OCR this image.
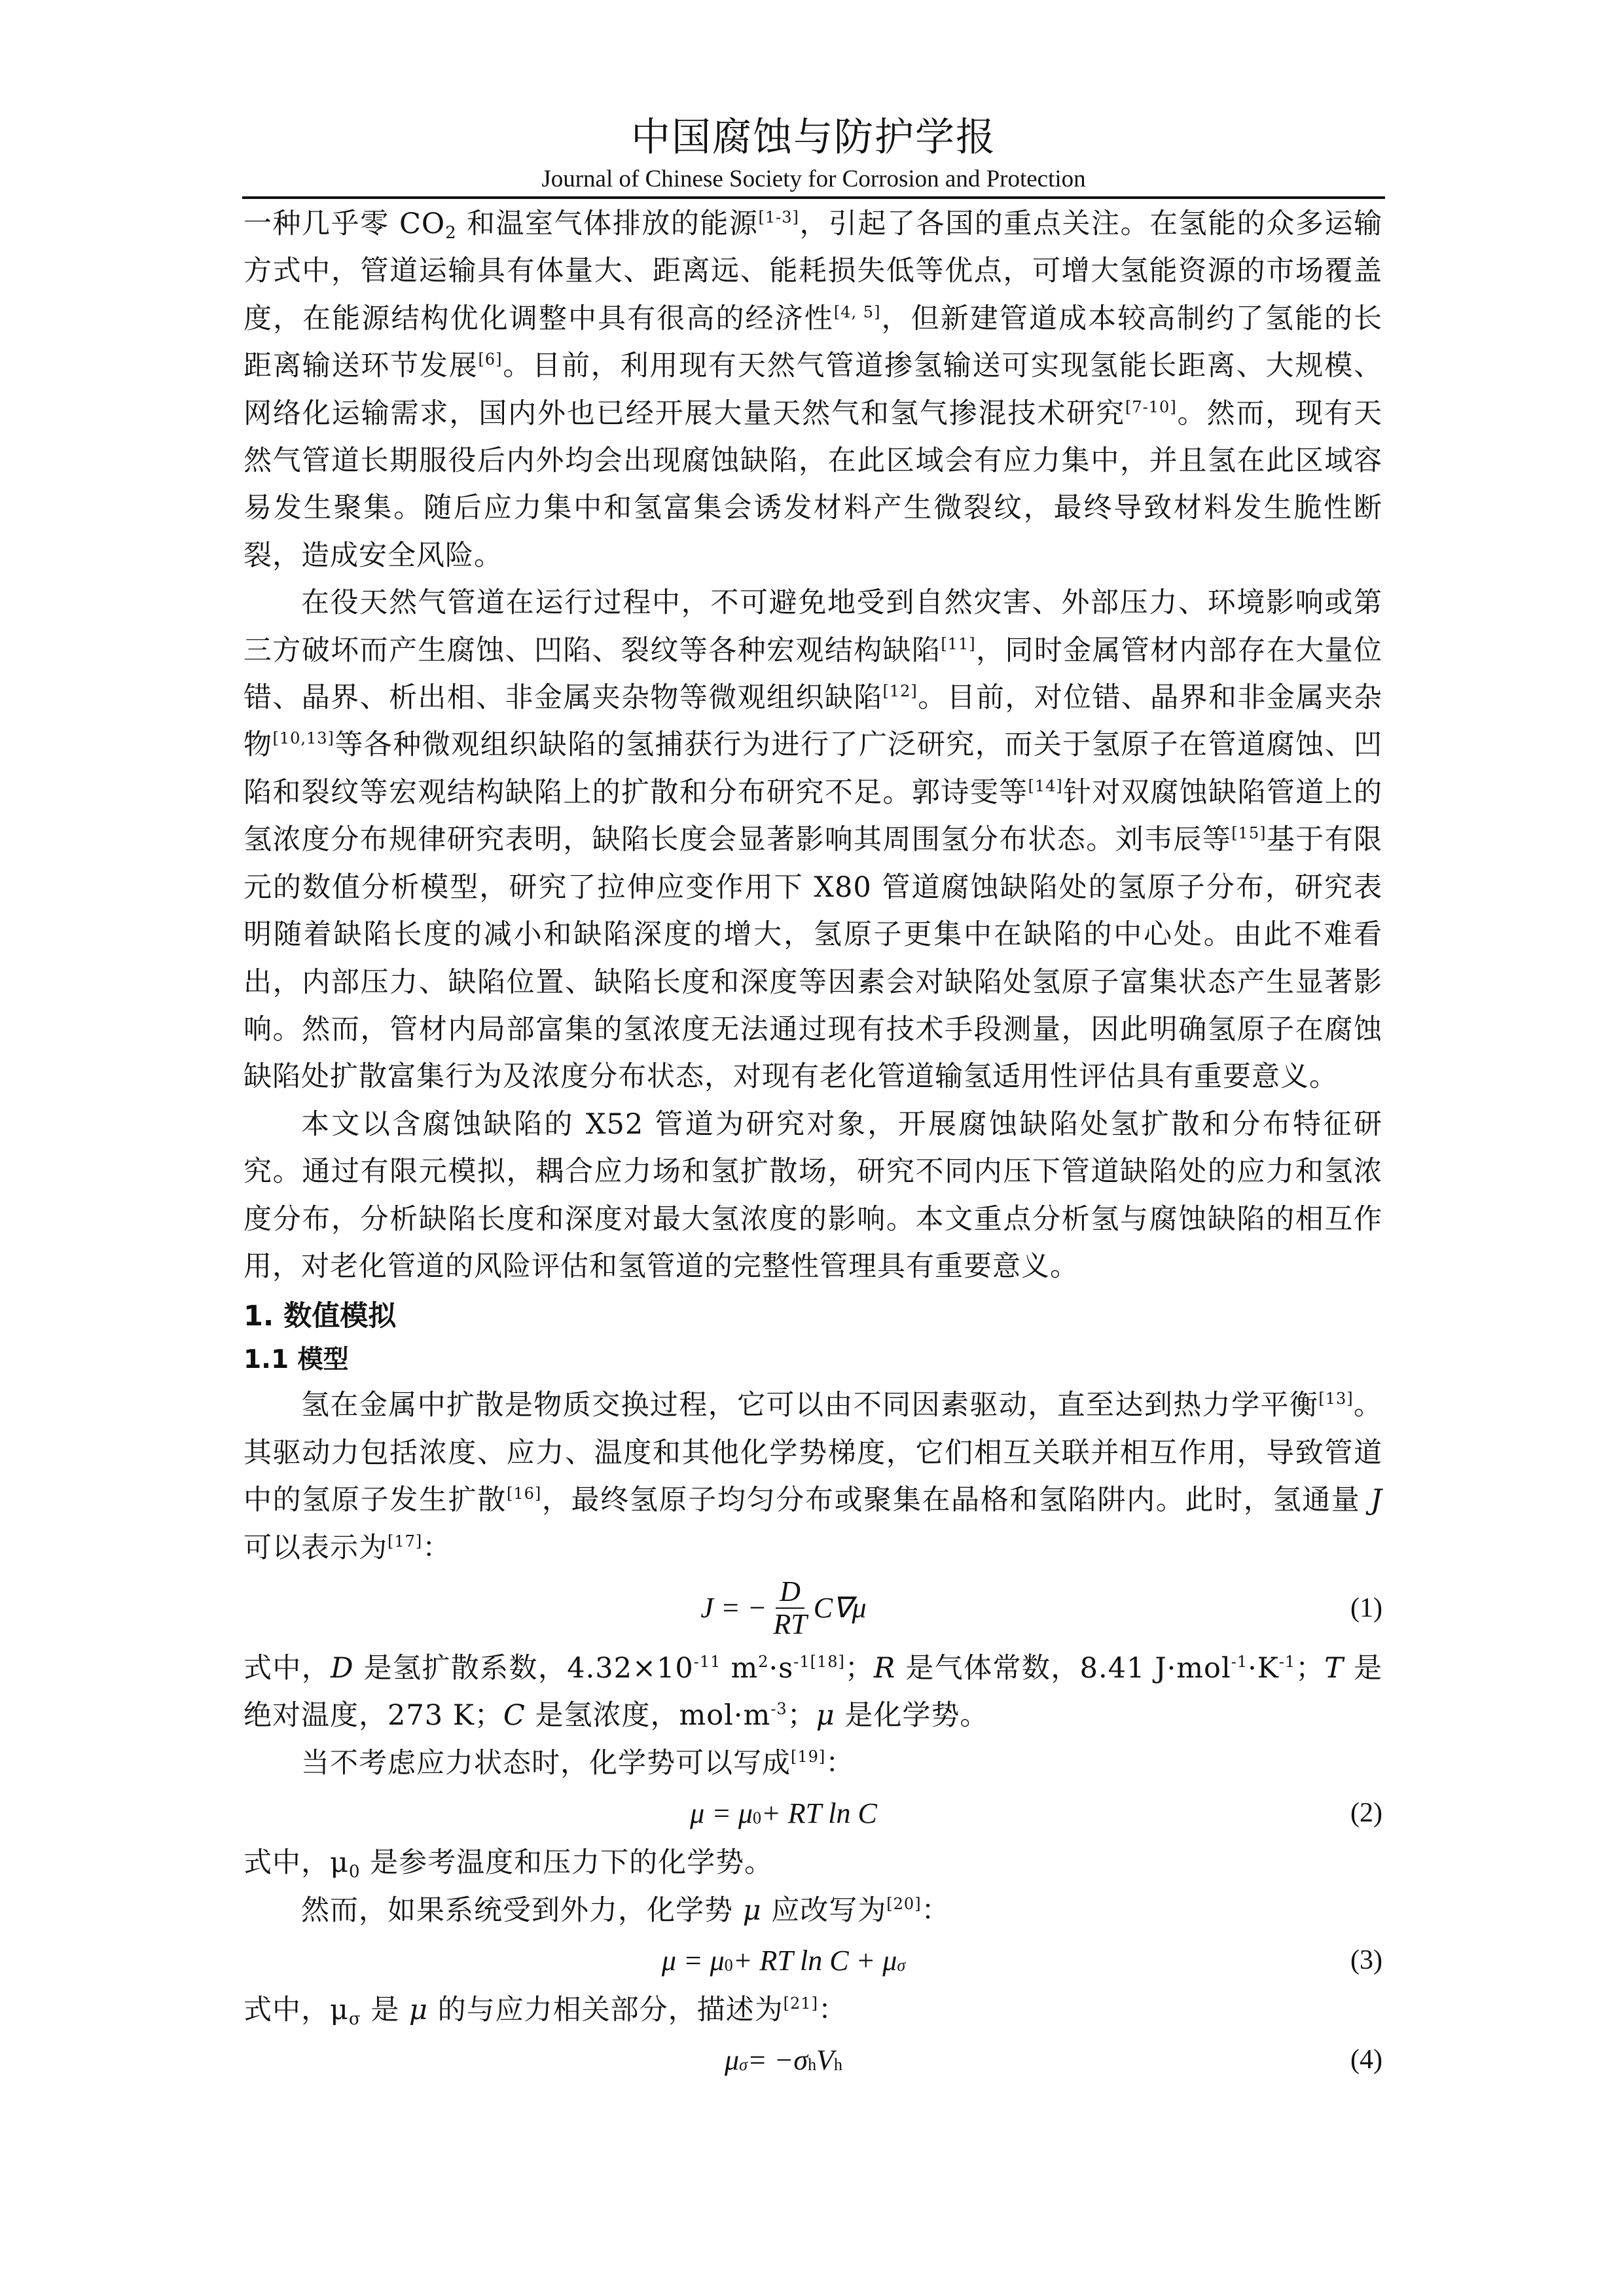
中国腐蚀与防护学报
Journal of Chinese Society for Corrosion and Protection

一种几乎零 $CO_2$ 和温室气体排放的能源[1-3]，引起了各国的重点关注。在氢能的众多运输方式中，管道运输具有体量大、距离远、能耗损失低等优点，可增大氢能资源的市场覆盖度，在能源结构优化调整中具有很高的经济性[4, 5]，但新建管道成本较高制约了氢能的长距离输送环节发展[6]。目前，利用现有天然气管道掺氢输送可实现氢能长距离、大规模、网络化运输需求，国内外也已经开展大量天然气和氢气掺混技术研究[7-10]。然而，现有天然气管道长期服役后内外均会出现腐蚀缺陷，在此区域会有应力集中，并且氢在此区域容易发生聚集。随后应力集中和氢富集会诱发材料产生微裂纹，最终导致材料发生脆性断裂，造成安全风险。

在役天然气管道在运行过程中，不可避免地受到自然灾害、外部压力、环境影响或第三方破坏而产生腐蚀、凹陷、裂纹等各种宏观结构缺陷[11]，同时金属管材内部存在大量位错、晶界、析出相、非金属夹杂物等微观组织缺陷[12]。目前，对位错、晶界和非金属夹杂物[10,13]等各种微观组织缺陷的氢捕获行为进行了广泛研究，而关于氢原子在管道腐蚀、凹陷和裂纹等宏观结构缺陷上的扩散和分布研究不足。郭诗雯等[14]针对双腐蚀缺陷管道上的氢浓度分布规律研究表明，缺陷长度会显著影响其周围氢分布状态。刘韦辰等[15]基于有限元的数值分析模型，研究了拉伸应变作用下 X80 管道腐蚀缺陷处的氢原子分布，研究表明随着缺陷长度的减小和缺陷深度的增大，氢原子更集中在缺陷的中心处。由此不难看出，内部压力、缺陷位置、缺陷长度和深度等因素会对缺陷处氢原子富集状态产生显著影响。然而，管材内局部富集的氢浓度无法通过现有技术手段测量，因此明确氢原子在腐蚀缺陷处扩散富集行为及浓度分布状态，对现有老化管道输氢适用性评估具有重要意义。

本文以含腐蚀缺陷的 X52 管道为研究对象，开展腐蚀缺陷处氢扩散和分布特征研究。通过有限元模拟，耦合应力场和氢扩散场，研究不同内压下管道缺陷处的应力和氢浓度分布，分析缺陷长度和深度对最大氢浓度的影响。本文重点分析氢与腐蚀缺陷的相互作用，对老化管道的风险评估和氢管道的完整性管理具有重要意义。

1. 数值模拟
1.1 模型

氢在金属中扩散是物质交换过程，它可以由不同因素驱动，直至达到热力学平衡[13]。其驱动力包括浓度、应力、温度和其他化学势梯度，它们相互关联并相互作用，导致管道中的氢原子发生扩散[16]，最终氢原子均匀分布或聚集在晶格和氢陷阱内。此时，氢通量 J 可以表示为[17]：

J = − $\frac{D}{RT} C\nabla\mu$	(1)

式中，D 是氢扩散系数，$4.32\times 10^{-11}$ $m^2\cdot s^{-1[18]}$；R 是气体常数，8.41 $J\cdot mol^{-1}\cdot K^{-1}$；T 是绝对温度，273 K；C 是氢浓度，$mol\cdot m^{-3}$；μ 是化学势。

当不考虑应力状态时，化学势可以写成[19]：

$\mu = \mu_0$ + RT ln C	(2)

式中，$\mu_0$ 是参考温度和压力下的化学势。

然而，如果系统受到外力，化学势 μ 应改写为[20]：

$\mu = \mu_0$ + RT $\ln C + \mu_\sigma$	(3)

式中，$\mu_\sigma$ 是 μ 的与应力相关部分，描述为[21]：

$\mu_\sigma = -\sigma_h$ $V_h$	(4)
